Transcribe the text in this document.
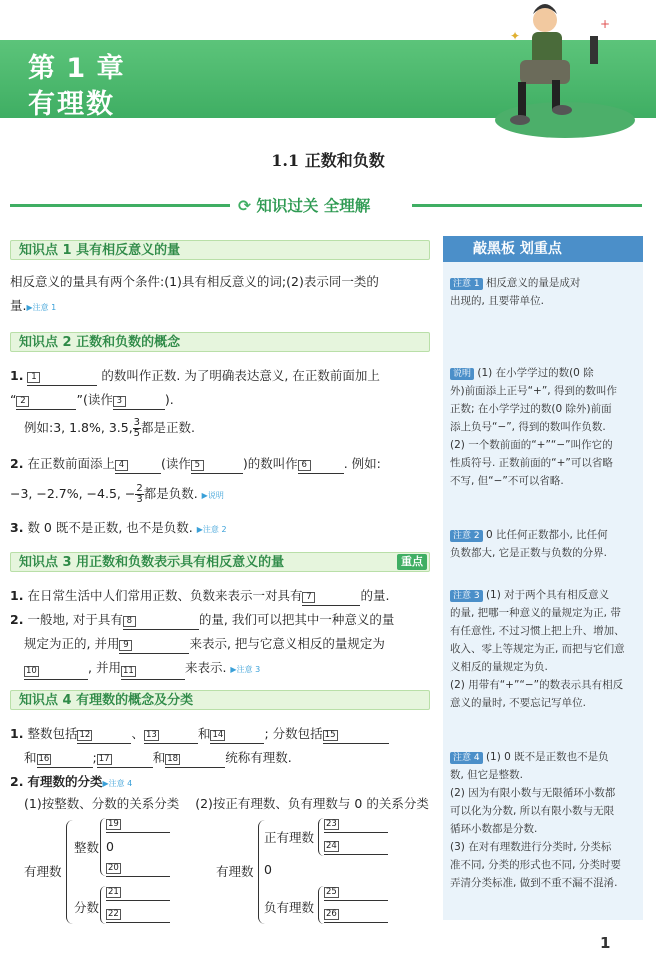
第 1 章
有理数
+
✦
1.1 正数和负数
⟳ 知识过关 全理解
知识点 1 具有相反意义的量
相反意义的量具有两个条件:(1)具有相反意义的词;(2)表示同一类的
量.▶注意 1
知识点 2 正数和负数的概念
1. 1	的数叫作正数. 为了明确表达意义, 在正数前面加上
“ 2	”(读作 3	).
例如:3, 1.8%, 3.5, $\frac{3}{5}$ 都是正数.
2. 在正数前面添上 4	(读作 5	)的数叫作 6	. 例如:
−3, −2.7%, −4.5, − $\frac{2}{3}$ 都是负数. ▶说明
3. 数 0 既不是正数, 也不是负数. ▶注意 2
知识点 3 用正数和负数表示具有相反意义的量	重点
1. 在日常生活中人们常用正数、负数来表示一对具有 7	的量.
2. 一般地, 对于具有 8	的量, 我们可以把其中一种意义的量
规定为正的, 并用 9	来表示, 把与它意义相反的量规定为
10	, 并用 11	来表示. ▶注意 3
知识点 4 有理数的概念及分类
1. 整数包括 12	、 13	和 14	; 分数包括 15
和 16	; 17	和 18	统称有理数.
2. 有理数的分类▶注意 4
(1)按整数、分数的关系分类 (2)按正有理数、负有理数与 0 的关系分类
有理数
整数
19
0
20
分数
21
22
有理数
正有理数
23
24
0
负有理数
25
26
敲黑板 划重点
注意 1 相反意义的量是成对
出现的, 且要带单位.
说明 (1) 在小学学过的数(0 除
外)前面添上正号“+”, 得到的数叫作
正数; 在小学学过的数(0 除外)前面
添上负号“−”, 得到的数叫作负数.
(2) 一个数前面的“+”“−”叫作它的
性质符号. 正数前面的“+”可以省略
不写, 但“−”不可以省略.
注意 2 0 比任何正数都小, 比任何
负数都大, 它是正数与负数的分界.
注意 3 (1) 对于两个具有相反意义
的量, 把哪一种意义的量规定为正, 带
有任意性, 不过习惯上把上升、增加、
收入、零上等规定为正, 而把与它们意
义相反的量规定为负.
(2) 用带有“+”“−”的数表示具有相反
意义的量时, 不要忘记写单位.
注意 4 (1) 0 既不是正数也不是负
数, 但它是整数.
(2) 因为有限小数与无限循环小数都
可以化为分数, 所以有限小数与无限
循环小数都是分数.
(3) 在对有理数进行分类时, 分类标
准不同, 分类的形式也不同, 分类时要
弄清分类标准, 做到不重不漏不混淆.
1
